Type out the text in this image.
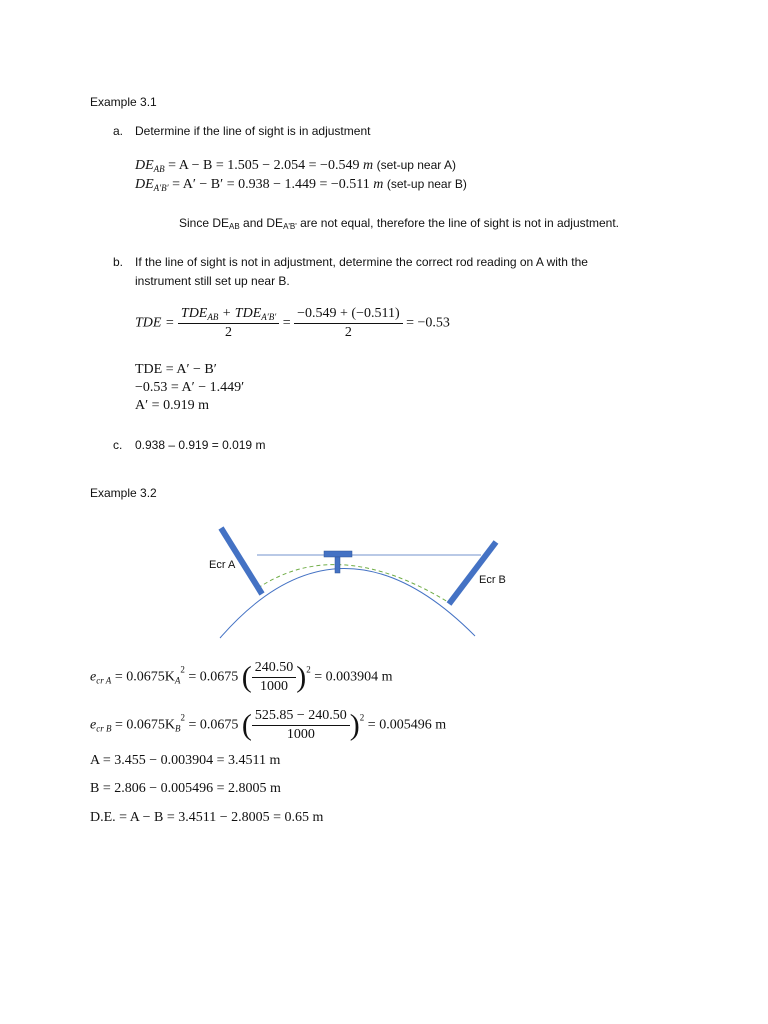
Example 3.1
a. Determine if the line of sight is in adjustment
$DE_{AB} = A - B = 1.505 - 2.054 = -0.549$ m (set-up near A)
$DE_{A'B'} = A' - B' = 0.938 - 1.449 = -0.511$ m (set-up near B)
Since DEAB and DEA'B' are not equal, therefore the line of sight is not in adjustment.
b. If the line of sight is not in adjustment, determine the correct rod reading on A with the
instrument still set up near B.
TDE = $\frac{TDE_{AB} + TDE_{A'B'}}{2} = \frac{-0.549 + (-0.511)}{2} = -0.53$
TDE = A′ − B′
−0.53 = A′ − 1.449′
A′ = 0.919 m
c. 0.938 – 0.919 = 0.019 m
Example 3.2
Ecr A
Ecr B
$e_{cr A} = 0.0675K_A^2 = 0.0675$ ( $\frac{240.50}{1000} )^2 = 0.003904$ m
$e_{cr B} = 0.0675K_B^2 = 0.0675$ ( $\frac{525.85 - 240.50}{1000} )^2 = 0.005496$ m
A = 3.455 − 0.003904 = 3.4511 m
B = 2.806 − 0.005496 = 2.8005 m
D.E. = A − B = 3.4511 − 2.8005 = 0.65 m
